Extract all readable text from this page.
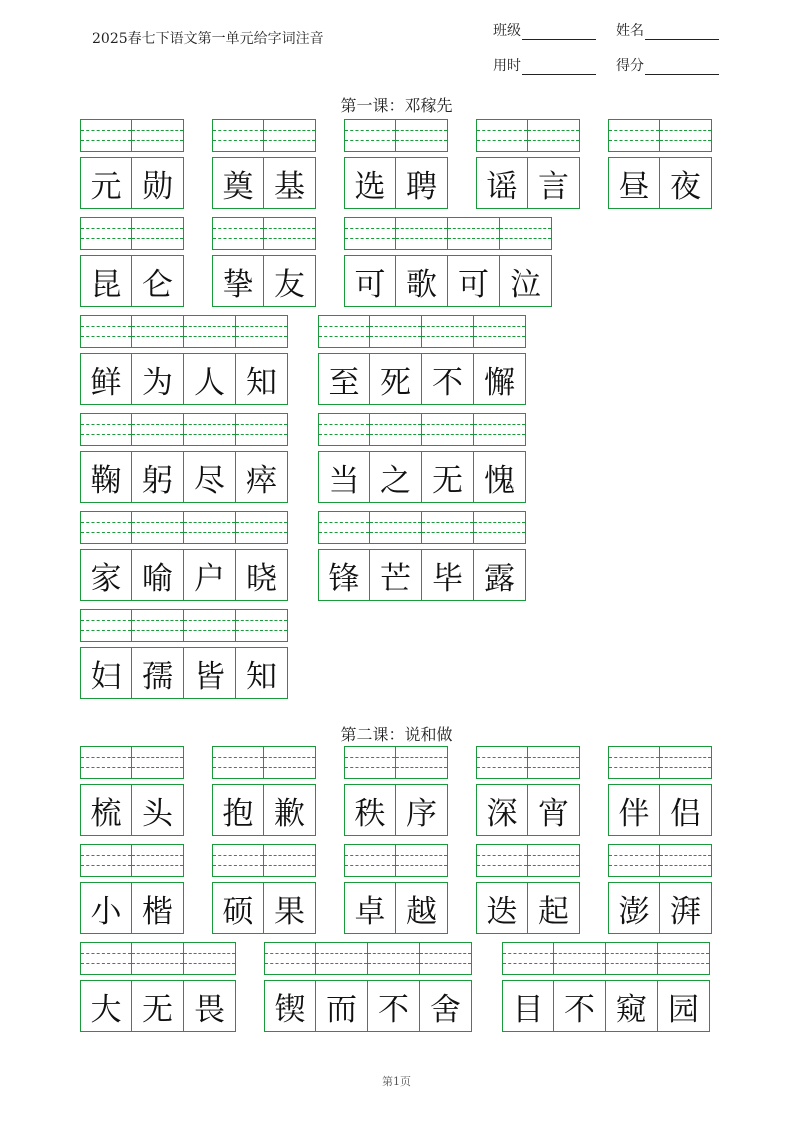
2025春七下语文第一单元给字词注音	班级	姓名
用时	得分
第一课：邓稼先
第二课：说和做
元 勋	奠 基	选 聘	谣 言	昼 夜
昆 仑	挚 友	可 歌 可 泣
鲜 为 人 知	至 死 不 懈
鞠 躬 尽 瘁	当 之 无 愧
家 喻 户 晓	锋 芒 毕 露
妇 孺 皆 知
梳 头	抱 歉	秩 序	深 宵	伴 侣
小 楷	硕 果	卓 越	迭 起	澎 湃
大 无 畏	锲 而 不 舍	目 不 窥 园
第1页
